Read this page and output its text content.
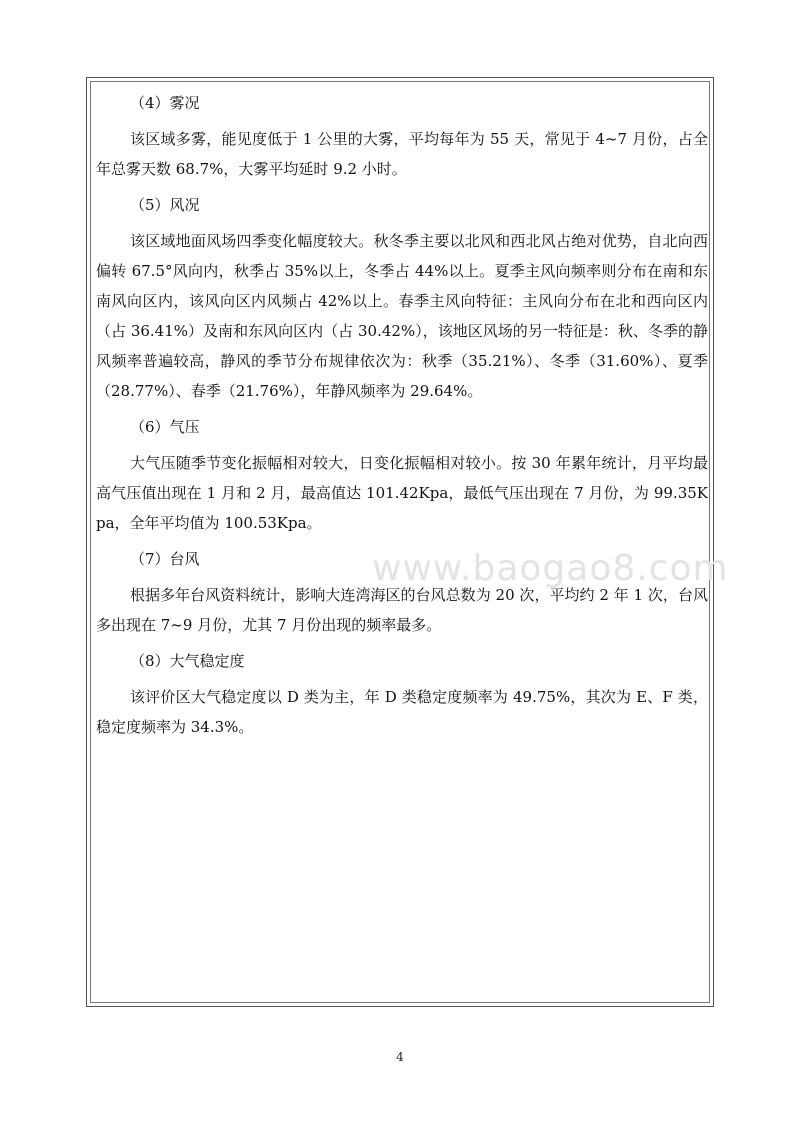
（4）雾况

该区域多雾，能见度低于 1 公里的大雾，平均每年为 55 天，常见于 4~7 月份，占全年总雾天数 68.7%，大雾平均延时 9.2 小时。

（5）风况

该区域地面风场四季变化幅度较大。秋冬季主要以北风和西北风占绝对优势，自北向西偏转 67.5°风向内，秋季占 35%以上，冬季占 44%以上。夏季主风向频率则分布在南和东南风向区内，该风向区内风频占 42%以上。春季主风向特征：主风向分布在北和西向区内（占 36.41%）及南和东风向区内（占 30.42%），该地区风场的另一特征是：秋、冬季的静风频率普遍较高，静风的季节分布规律依次为：秋季（35.21%）、冬季（31.60%）、夏季（28.77%）、春季（21.76%），年静风频率为 29.64%。

（6）气压

大气压随季节变化振幅相对较大，日变化振幅相对较小。按 30 年累年统计，月平均最高气压值出现在 1 月和 2 月，最高值达 101.42Kpa，最低气压出现在 7 月份，为 99.35Kpa，全年平均值为 100.53Kpa。

（7）台风

根据多年台风资料统计，影响大连湾海区的台风总数为 20 次，平均约 2 年 1 次，台风多出现在 7~9 月份，尤其 7 月份出现的频率最多。

（8）大气稳定度

该评价区大气稳定度以 D 类为主，年 D 类稳定度频率为 49.75%，其次为 E、F 类，稳定度频率为 34.3%。

www.baogao8.com
4
